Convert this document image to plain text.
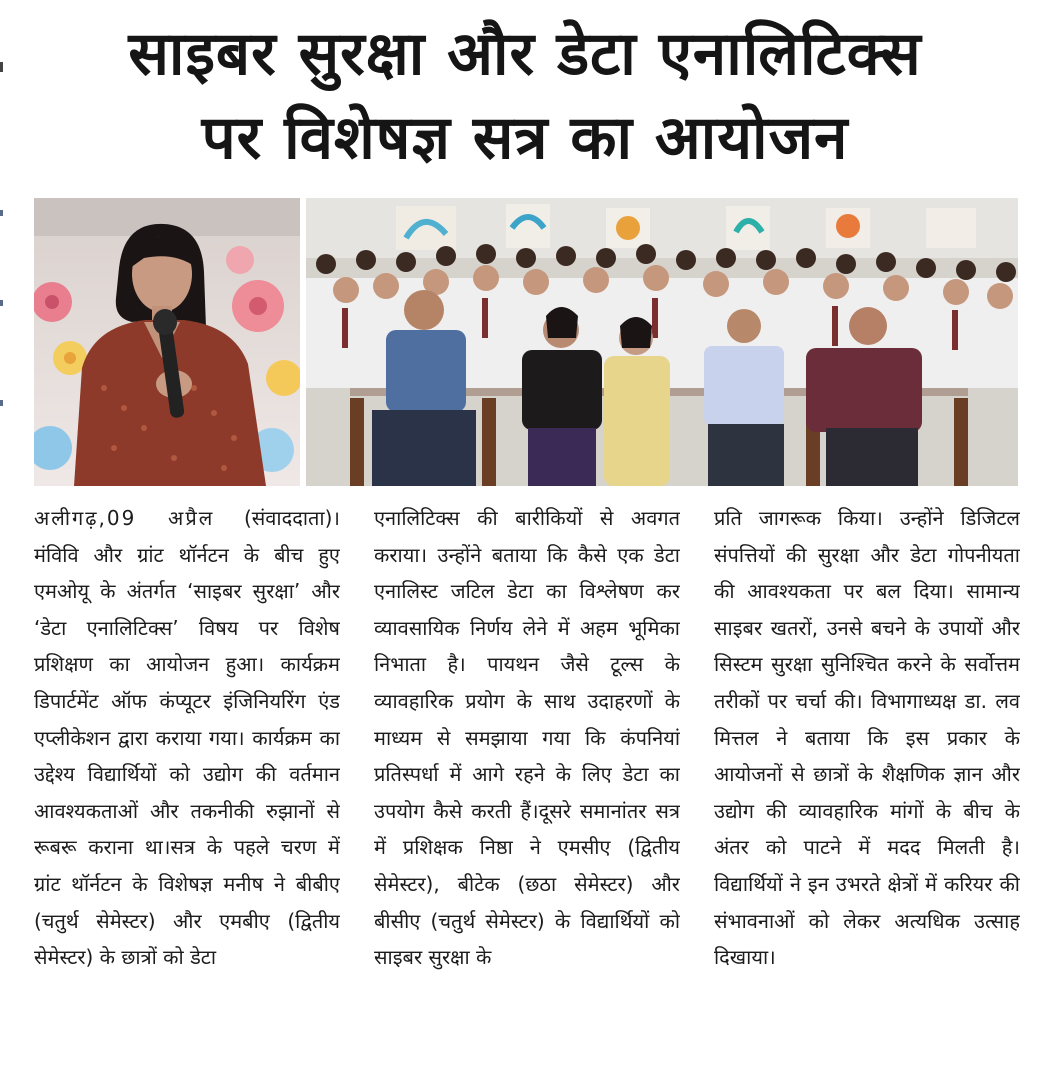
साइबर सुरक्षा और डेटा एनालिटिक्स
पर विशेषज्ञ सत्र का आयोजन

अलीगढ़,09 अप्रैल (संवाददाता)। मंविवि और ग्रांट थॉर्नटन के बीच हुए एमओयू के अंतर्गत ‘साइबर सुरक्षा’ और ‘डेटा एनालिटिक्स’ विषय पर विशेष प्रशिक्षण का आयोजन हुआ। कार्यक्रम डिपार्टमेंट ऑफ कंप्यूटर इंजिनियरिंग एंड एप्लीकेशन द्वारा कराया गया। कार्यक्रम का उद्देश्य विद्यार्थियों को उद्योग की वर्तमान आवश्यकताओं और तकनीकी रुझानों से रूबरू कराना था।सत्र के पहले चरण में ग्रांट थॉर्नटन के विशेषज्ञ मनीष ने बीबीए (चतुर्थ सेमेस्टर) और एमबीए (द्वितीय सेमेस्टर) के छात्रों को डेटा

एनालिटिक्स की बारीकियों से अवगत कराया। उन्होंने बताया कि कैसे एक डेटा एनालिस्ट जटिल डेटा का विश्लेषण कर व्यावसायिक निर्णय लेने में अहम भूमिका निभाता है। पायथन जैसे टूल्स के व्यावहारिक प्रयोग के साथ उदाहरणों के माध्यम से समझाया गया कि कंपनियां प्रतिस्पर्धा में आगे रहने के लिए डेटा का उपयोग कैसे करती हैं।दूसरे समानांतर सत्र में प्रशिक्षक निष्ठा ने एमसीए (द्वितीय सेमेस्टर), बीटेक (छठा सेमेस्टर) और बीसीए (चतुर्थ सेमेस्टर) के विद्यार्थियों को साइबर सुरक्षा के

प्रति जागरूक किया। उन्होंने डिजिटल संपत्तियों की सुरक्षा और डेटा गोपनीयता की आवश्यकता पर बल दिया। सामान्य साइबर खतरों, उनसे बचने के उपायों और सिस्टम सुरक्षा सुनिश्चित करने के सर्वोत्तम तरीकों पर चर्चा की। विभागाध्यक्ष डा. लव मित्तल ने बताया कि इस प्रकार के आयोजनों से छात्रों के शैक्षणिक ज्ञान और उद्योग की व्यावहारिक मांगों के बीच के अंतर को पाटने में मदद मिलती है। विद्यार्थियों ने इन उभरते क्षेत्रों में करियर की संभावनाओं को लेकर अत्यधिक उत्साह दिखाया।
